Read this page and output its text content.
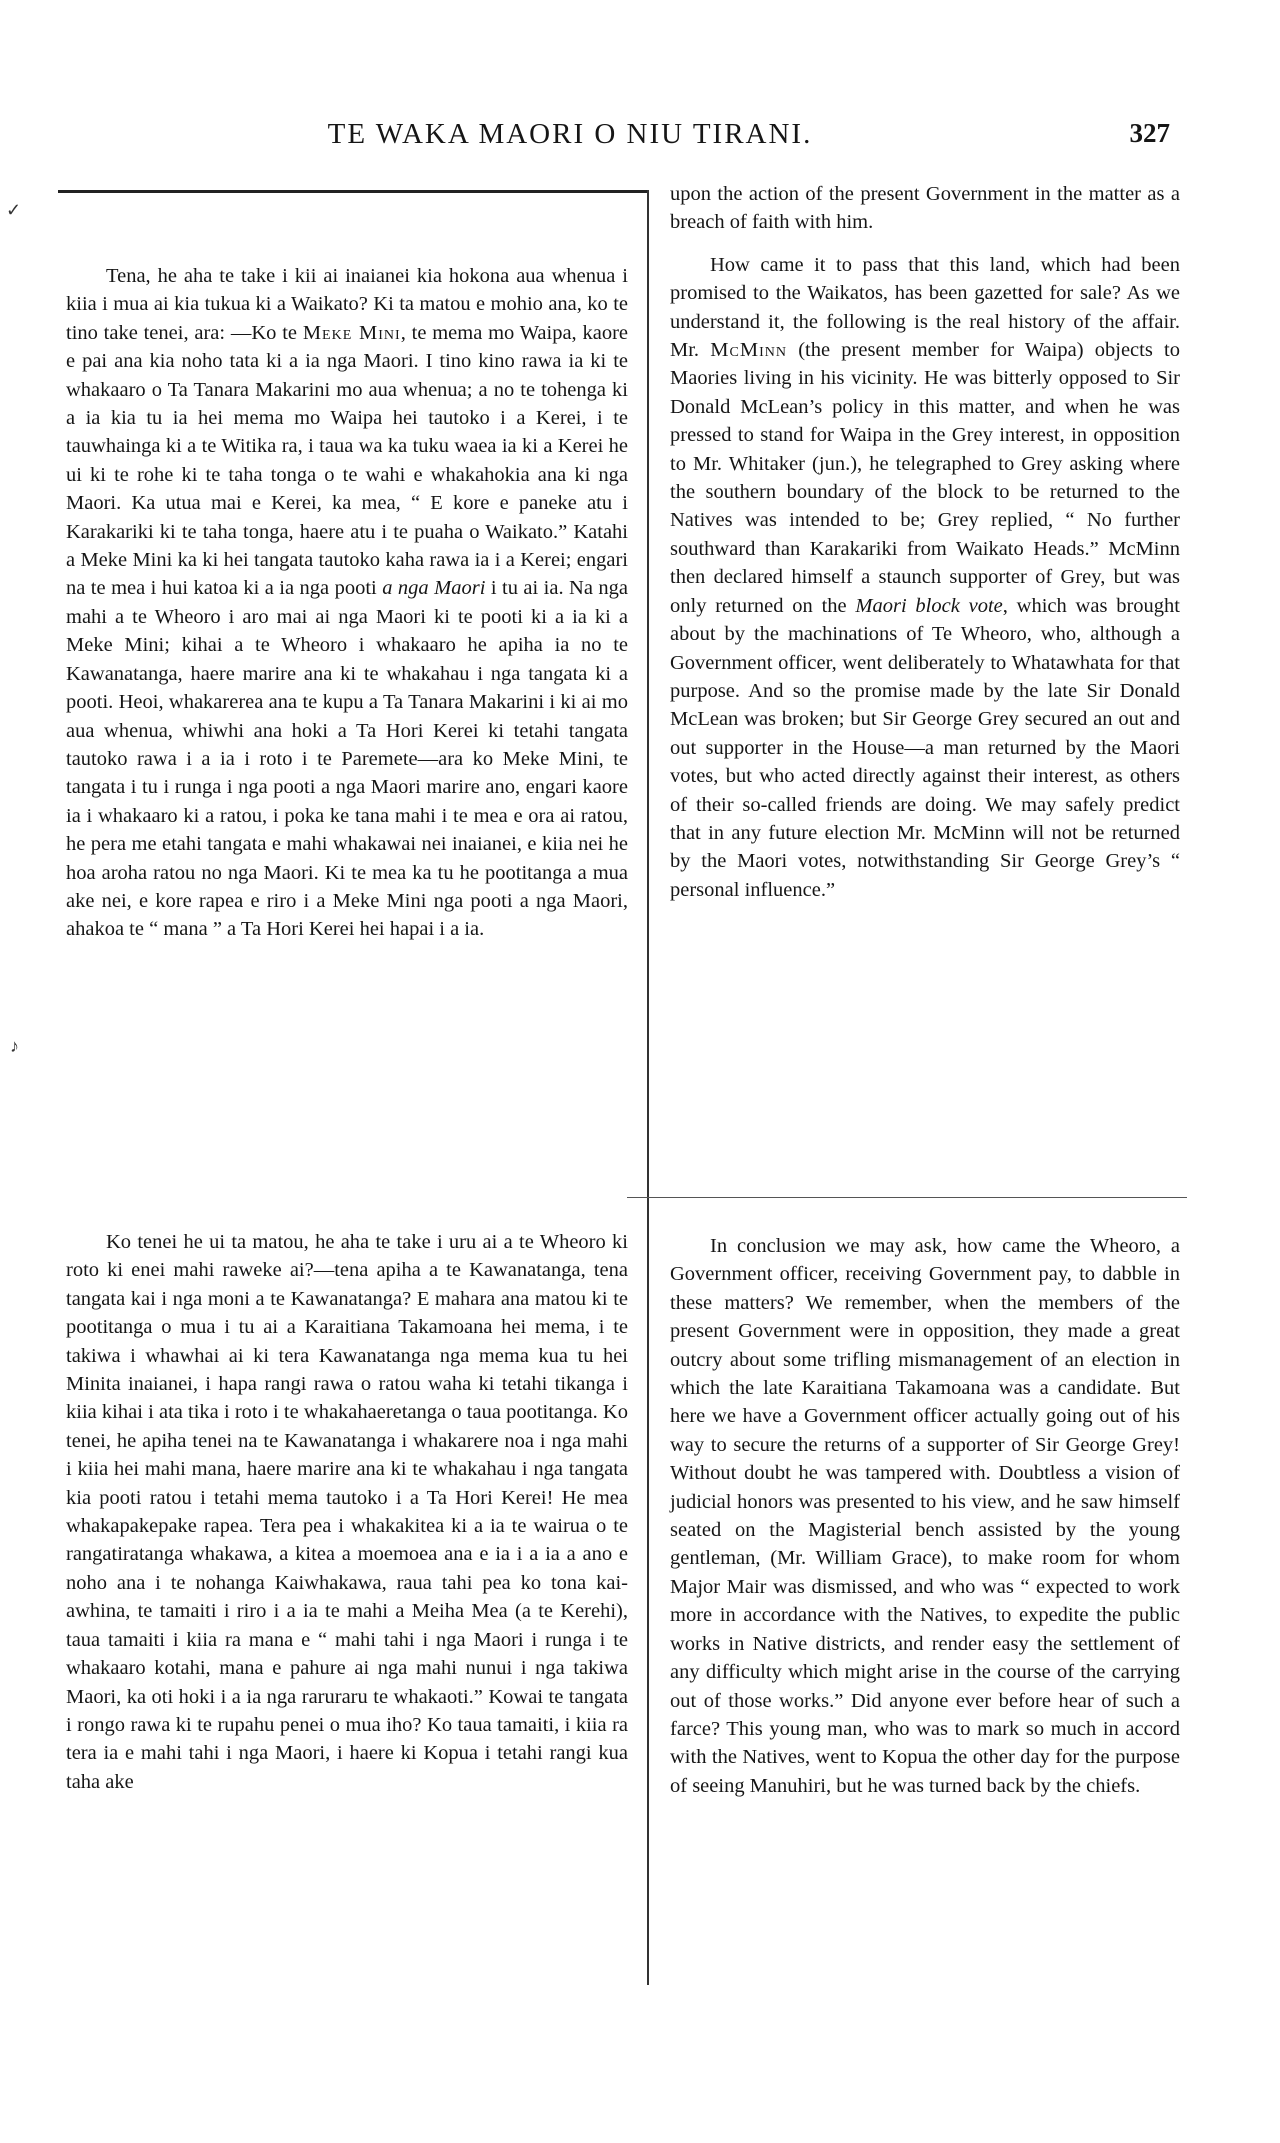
TE WAKA MAORI O NIU TIRANI.	327
✓
♪

Tena, he aha te take i kii ai inaianei kia hokona aua whenua i kiia i mua ai kia tukua ki a Waikato? Ki ta matou e mohio ana, ko te tino take tenei, ara: —Ko te Meke Mini, te mema mo Waipa, kaore e pai ana kia noho tata ki a ia nga Maori. I tino kino rawa ia ki te whakaaro o Ta Tanara Makarini mo aua whenua; a no te tohenga ki a ia kia tu ia hei mema mo Waipa hei tautoko i a Kerei, i te tauwhainga ki a te Witika ra, i taua wa ka tuku waea ia ki a Kerei he ui ki te rohe ki te taha tonga o te wahi e whakahokia ana ki nga Maori. Ka utua mai e Kerei, ka mea, “ E kore e paneke atu i Karakariki ki te taha tonga, haere atu i te puaha o Waikato.” Katahi a Meke Mini ka ki hei tangata tautoko kaha rawa ia i a Kerei; engari na te mea i hui katoa ki a ia nga pooti a nga Maori i tu ai ia. Na nga mahi a te Wheoro i aro mai ai nga Maori ki te pooti ki a ia ki a Meke Mini; kihai a te Wheoro i whakaaro he apiha ia no te Kawanatanga, haere marire ana ki te whakahau i nga tangata ki a pooti. Heoi, whakarerea ana te kupu a Ta Tanara Makarini i ki ai mo aua whenua, whiwhi ana hoki a Ta Hori Kerei ki tetahi tangata tautoko rawa i a ia i roto i te Paremete—ara ko Meke Mini, te tangata i tu i runga i nga pooti a nga Maori marire ano, engari kaore ia i whakaaro ki a ratou, i poka ke tana mahi i te mea e ora ai ratou, he pera me etahi tangata e mahi whakawai nei inaianei, e kiia nei he hoa aroha ratou no nga Maori. Ki te mea ka tu he pootitanga a mua ake nei, e kore rapea e riro i a Meke Mini nga pooti a nga Maori, ahakoa te “ mana ” a Ta Hori Kerei hei hapai i a ia.

Ko tenei he ui ta matou, he aha te take i uru ai a te Wheoro ki roto ki enei mahi raweke ai?—tena apiha a te Kawanatanga, tena tangata kai i nga moni a te Kawanatanga? E mahara ana matou ki te pootitanga o mua i tu ai a Karaitiana Takamoana hei mema, i te takiwa i whawhai ai ki tera Kawanatanga nga mema kua tu hei Minita inaianei, i hapa rangi rawa o ratou waha ki tetahi tikanga i kiia kihai i ata tika i roto i te whakahaeretanga o taua pootitanga. Ko tenei, he apiha tenei na te Kawanatanga i whakarere noa i nga mahi i kiia hei mahi mana, haere marire ana ki te whakahau i nga tangata kia pooti ratou i tetahi mema tautoko i a Ta Hori Kerei! He mea whakapakepake rapea. Tera pea i whakakitea ki a ia te wairua o te rangatiratanga whakawa, a kitea a moemoea ana e ia i a ia a ano e noho ana i te nohanga Kaiwhakawa, raua tahi pea ko tona kai-awhina, te tamaiti i riro i a ia te mahi a Meiha Mea (a te Kerehi), taua tamaiti i kiia ra mana e “ mahi tahi i nga Maori i runga i te whakaaro kotahi, mana e pahure ai nga mahi nunui i nga takiwa Maori, ka oti hoki i a ia nga raruraru te whakaoti.” Kowai te tangata i rongo rawa ki te rupahu penei o mua iho? Ko taua tamaiti, i kiia ra tera ia e mahi tahi i nga Maori, i haere ki Kopua i tetahi rangi kua taha ake

upon the action of the present Government in the matter as a breach of faith with him.

How came it to pass that this land, which had been promised to the Waikatos, has been gazetted for sale? As we understand it, the following is the real history of the affair. Mr. McMinn (the present member for Waipa) objects to Maories living in his vicinity. He was bitterly opposed to Sir Donald McLean’s policy in this matter, and when he was pressed to stand for Waipa in the Grey interest, in opposition to Mr. Whitaker (jun.), he telegraphed to Grey asking where the southern boundary of the block to be returned to the Natives was intended to be; Grey replied, “ No further southward than Karakariki from Waikato Heads.” McMinn then declared himself a staunch supporter of Grey, but was only returned on the Maori block vote, which was brought about by the machinations of Te Wheoro, who, although a Government officer, went deliberately to Whatawhata for that purpose. And so the promise made by the late Sir Donald McLean was broken; but Sir George Grey secured an out and out supporter in the House—a man returned by the Maori votes, but who acted directly against their interest, as others of their so-called friends are doing. We may safely predict that in any future election Mr. McMinn will not be returned by the Maori votes, notwithstanding Sir George Grey’s “ personal influence.”

In conclusion we may ask, how came the Wheoro, a Government officer, receiving Government pay, to dabble in these matters? We remember, when the members of the present Government were in opposition, they made a great outcry about some trifling mismanagement of an election in which the late Karaitiana Takamoana was a candidate. But here we have a Government officer actually going out of his way to secure the returns of a supporter of Sir George Grey! Without doubt he was tampered with. Doubtless a vision of judicial honors was presented to his view, and he saw himself seated on the Magisterial bench assisted by the young gentleman, (Mr. William Grace), to make room for whom Major Mair was dismissed, and who was “ expected to work more in accordance with the Natives, to expedite the public works in Native districts, and render easy the settlement of any difficulty which might arise in the course of the carrying out of those works.” Did anyone ever before hear of such a farce? This young man, who was to mark so much in accord with the Natives, went to Kopua the other day for the purpose of seeing Manuhiri, but he was turned back by the chiefs.
